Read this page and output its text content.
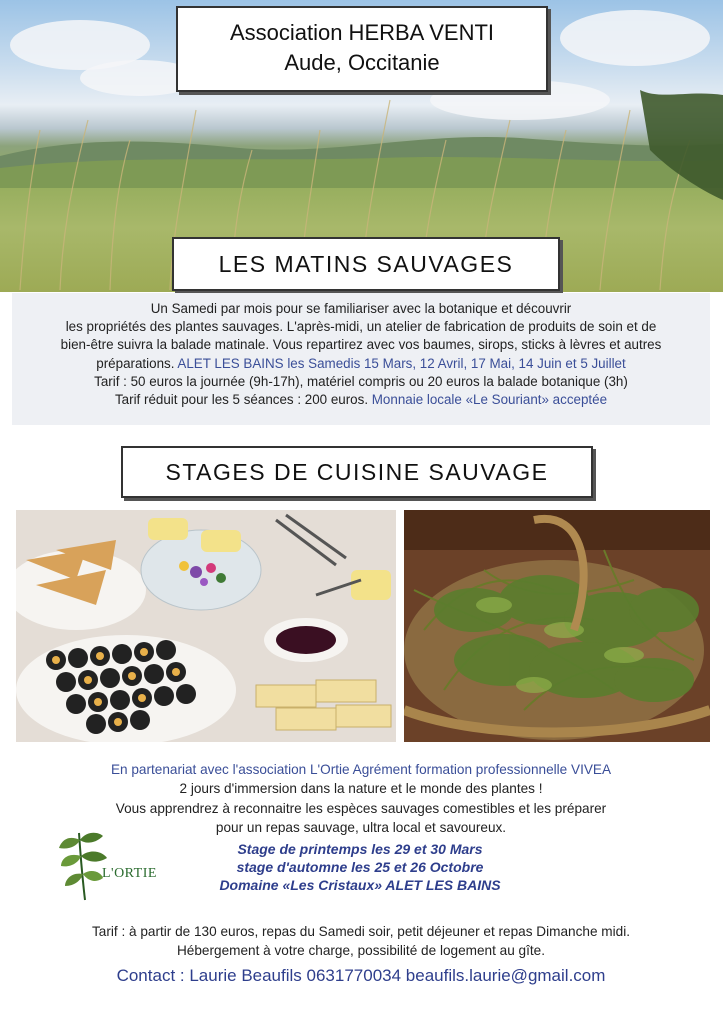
Association HERBA VENTI
Aude, Occitanie
LES MATINS SAUVAGES
Un Samedi par mois pour se familiariser avec la botanique et découvrir
les propriétés des plantes sauvages. L'après-midi, un atelier de fabrication de produits de soin et de
bien-être suivra la balade matinale. Vous repartirez avec vos baumes, sirops, sticks à lèvres et autres
préparations. ALET LES BAINS les Samedis 15 Mars, 12 Avril, 17 Mai, 14 Juin et 5 Juillet
Tarif : 50 euros la journée (9h-17h), matériel compris ou 20 euros la balade botanique (3h)
Tarif réduit pour les 5 séances : 200 euros. Monnaie locale «Le Souriant» acceptée
STAGES DE CUISINE SAUVAGE
En partenariat avec l'association L'Ortie Agrément formation professionnelle VIVEA
2 jours d'immersion dans la nature et le monde des plantes !
Vous apprendrez à reconnaitre les espèces sauvages comestibles et les préparer
pour un repas sauvage, ultra local et savoureux.
L'ORTIE
Stage de printemps les 29 et 30 Mars
stage d'automne les 25 et 26 Octobre
Domaine «Les Cristaux» ALET LES BAINS
Tarif : à partir de 130 euros, repas du Samedi soir, petit déjeuner et repas Dimanche midi.
Hébergement à votre charge, possibilité de logement au gîte.
Contact : Laurie Beaufils 0631770034 beaufils.laurie@gmail.com
